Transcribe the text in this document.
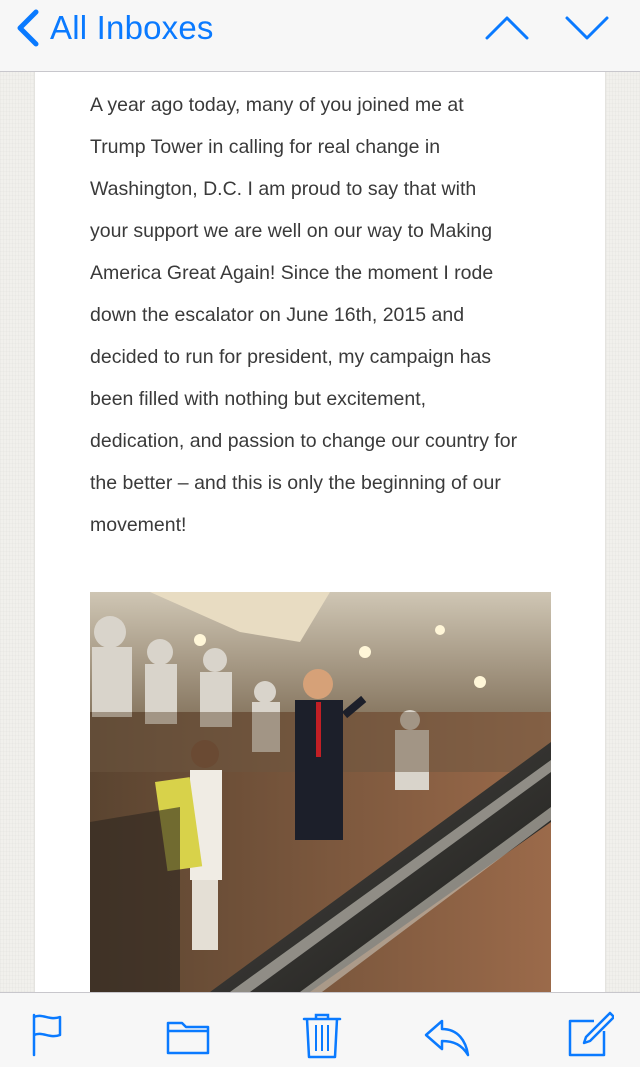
All Inboxes

A year ago today, many of you joined me at
Trump Tower in calling for real change in
Washington, D.C. I am proud to say that with
your support we are well on our way to Making
America Great Again! Since the moment I rode
down the escalator on June 16th, 2015 and
decided to run for president, my campaign has
been filled with nothing but excitement,
dedication, and passion to change our country for
the better – and this is only the beginning of our
movement!
